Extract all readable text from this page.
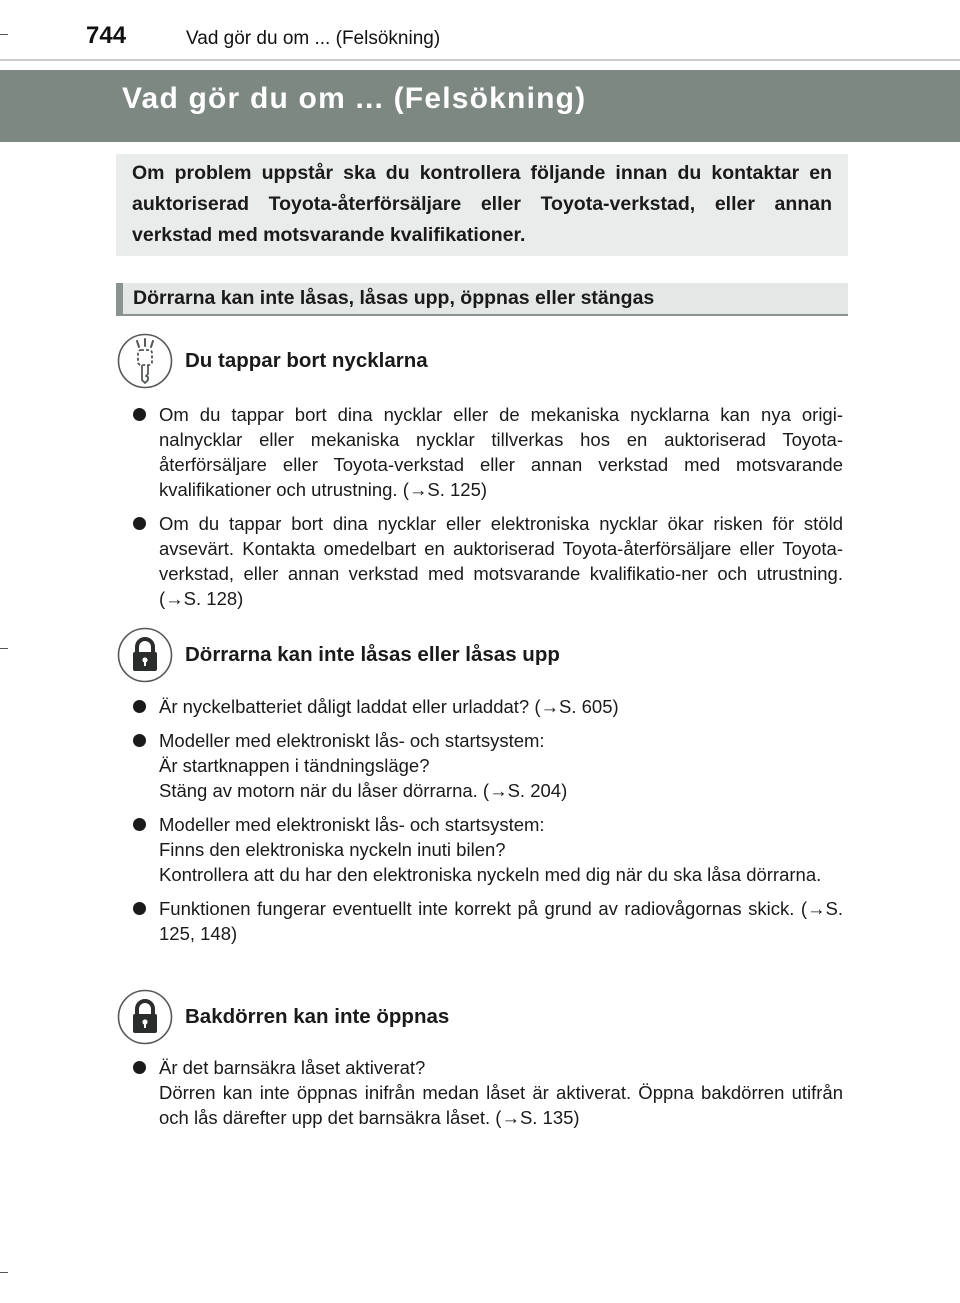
744	Vad gör du om ... (Felsökning)
Vad gör du om ... (Felsökning)
Om problem uppstår ska du kontrollera följande innan du kontaktar en auktoriserad Toyota-återförsäljare eller Toyota-verkstad, eller annan verkstad med motsvarande kvalifikationer.
Dörrarna kan inte låsas, låsas upp, öppnas eller stängas
Du tappar bort nycklarna
Om du tappar bort dina nycklar eller de mekaniska nycklarna kan nya origi-nalnycklar eller mekaniska nycklar tillverkas hos en auktoriserad Toyota-återförsäljare eller Toyota-verkstad eller annan verkstad med motsvarande kvalifikationer och utrustning. (→S. 125)
Om du tappar bort dina nycklar eller elektroniska nycklar ökar risken för stöld avsevärt. Kontakta omedelbart en auktoriserad Toyota-återförsäljare eller Toyota-verkstad, eller annan verkstad med motsvarande kvalifikatio-ner och utrustning. (→S. 128)
Dörrarna kan inte låsas eller låsas upp
Är nyckelbatteriet dåligt laddat eller urladdat? (→S. 605)
Modeller med elektroniskt lås- och startsystem:
Är startknappen i tändningsläge?
Stäng av motorn när du låser dörrarna. (→S. 204)
Modeller med elektroniskt lås- och startsystem:
Finns den elektroniska nyckeln inuti bilen?
Kontrollera att du har den elektroniska nyckeln med dig när du ska låsa dörrarna.
Funktionen fungerar eventuellt inte korrekt på grund av radiovågornas skick. (→S. 125, 148)
Bakdörren kan inte öppnas
Är det barnsäkra låset aktiverat?
Dörren kan inte öppnas inifrån medan låset är aktiverat. Öppna bakdörren utifrån och lås därefter upp det barnsäkra låset. (→S. 135)
